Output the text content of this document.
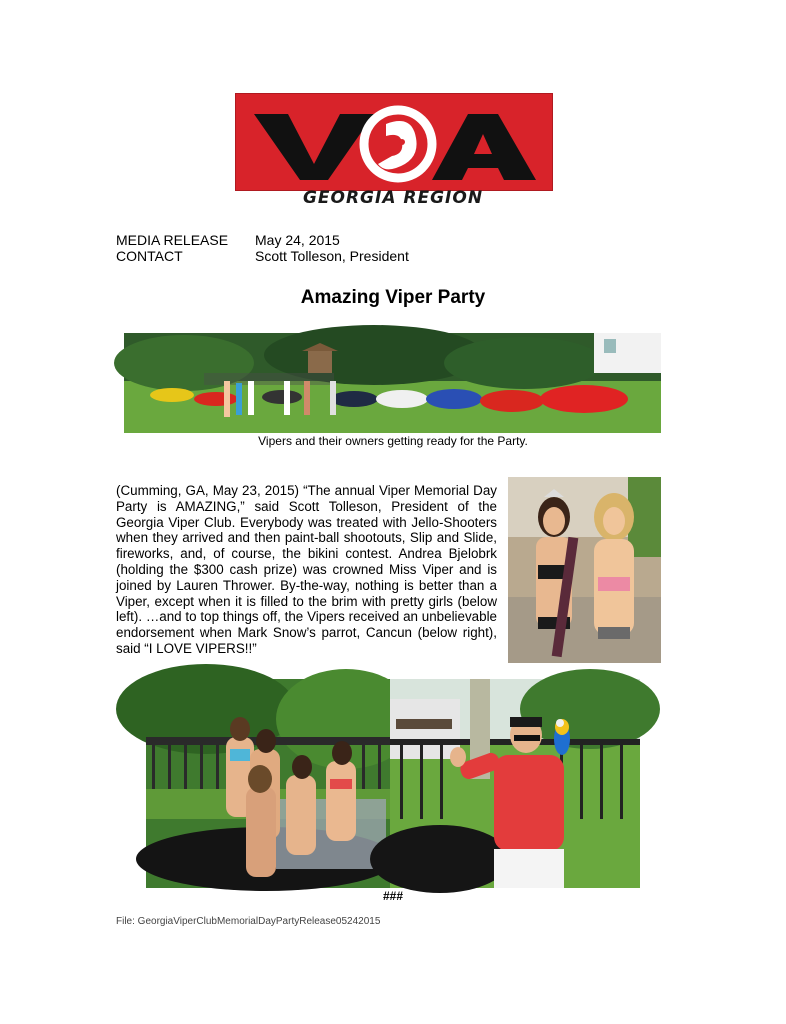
VOA
GEORGIA REGION
MEDIA RELEASE May 24, 2015
CONTACT	Scott Tolleson, President
Amazing Viper Party
Vipers and their owners getting ready for the Party.
(Cumming, GA, May 23, 2015) “The annual Viper Memorial Day Party is AMAZING,” said Scott Tolleson, President of the Georgia Viper Club. Everybody was treated with Jello-Shooters when they arrived and then paint-ball shootouts, Slip and Slide, fireworks, and, of course, the bikini contest. Andrea Bjelobrk (holding the $300 cash prize) was crowned Miss Viper and is joined by Lauren Thrower. By-the-way, nothing is better than a Viper, except when it is filled to the brim with pretty girls (below left). …and to top things off, the Vipers received an unbelievable endorsement when Mark Snow’s parrot, Cancun (below right), said “I LOVE VIPERS!!”
###
File: GeorgiaViperClubMemorialDayPartyRelease05242015
